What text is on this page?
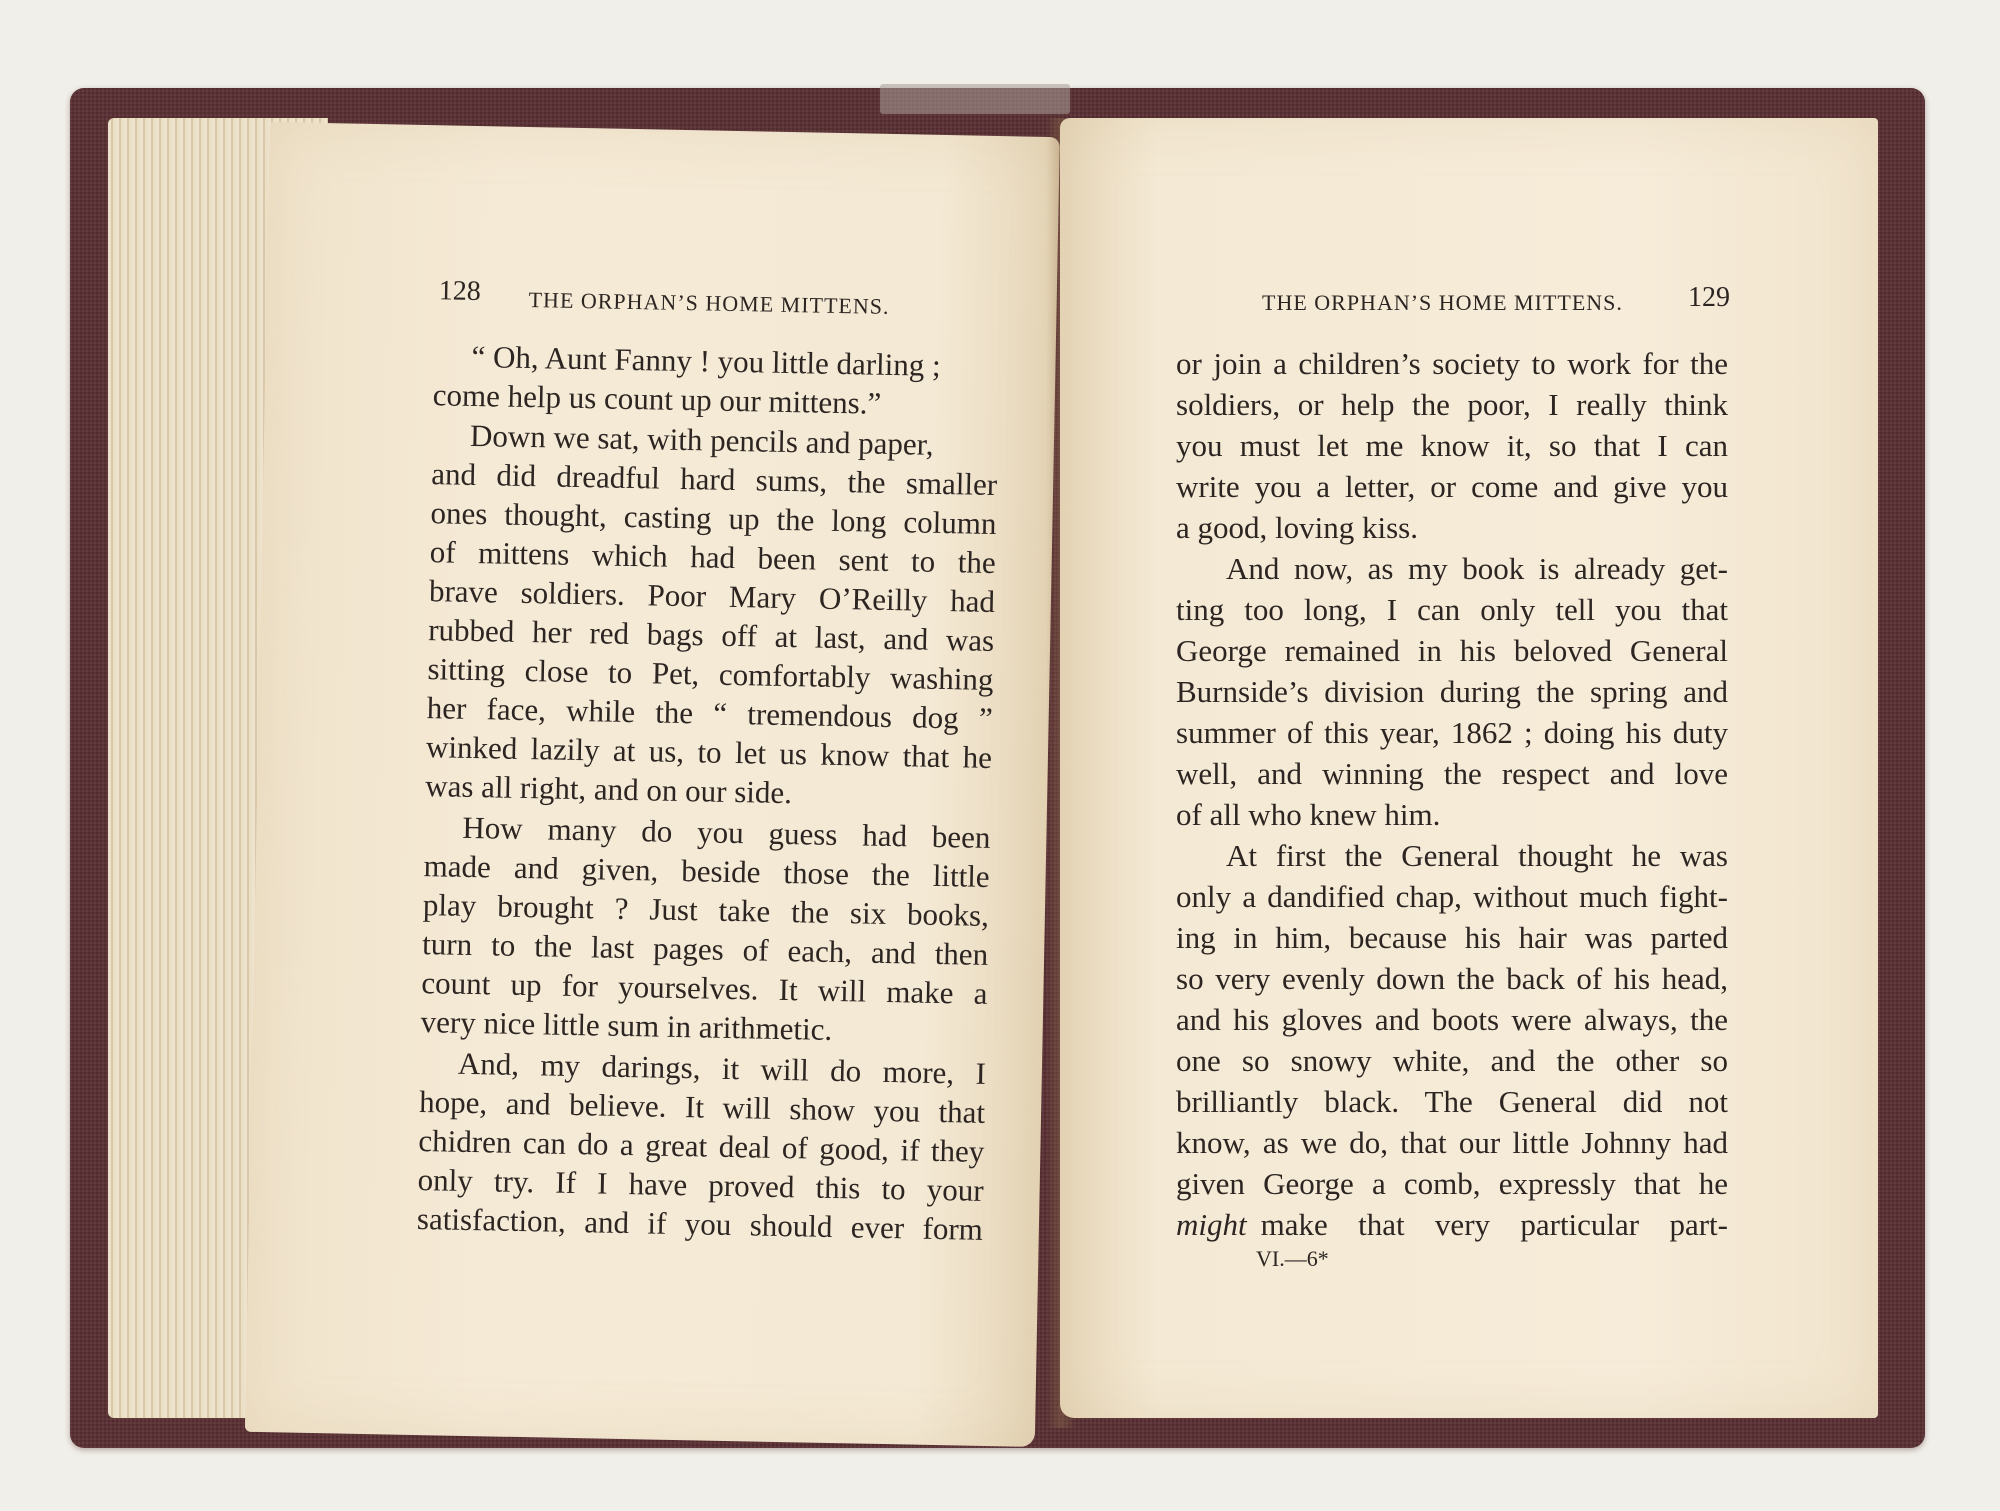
128 THE ORPHAN’S HOME MITTENS.
“ Oh, Aunt Fanny ! you little darling ;
come help us count up our mittens.”
Down we sat, with pencils and paper,
and did dreadful hard sums, the smaller
ones thought, casting up the long column
of mittens which had been sent to the
brave soldiers. Poor Mary O’Reilly had
rubbed her red bags off at last, and was
sitting close to Pet, comfortably washing
her face, while the “ tremendous dog ”
winked lazily at us, to let us know that he
was all right, and on our side.
How many do you guess had been
made and given, beside those the little
play brought ? Just take the six books,
turn to the last pages of each, and then
count up for yourselves. It will make a
very nice little sum in arithmetic.
And, my darings, it will do more, I
hope, and believe. It will show you that
chidren can do a great deal of good, if they
only try. If I have proved this to your
satisfaction, and if you should ever form
THE ORPHAN’S HOME MITTENS. 129
or join a children’s society to work for the
soldiers, or help the poor, I really think
you must let me know it, so that I can
write you a letter, or come and give you
a good, loving kiss.
And now, as my book is already get-
ting too long, I can only tell you that
George remained in his beloved General
Burnside’s division during the spring and
summer of this year, 1862 ; doing his duty
well, and winning the respect and love
of all who knew him.
At first the General thought he was
only a dandified chap, without much fight-
ing in him, because his hair was parted
so very evenly down the back of his head,
and his gloves and boots were always, the
one so snowy white, and the other so
brilliantly black. The General did not
know, as we do, that our little Johnny had
given George a comb, expressly that he
might make that very particular part-
VI.—6*
